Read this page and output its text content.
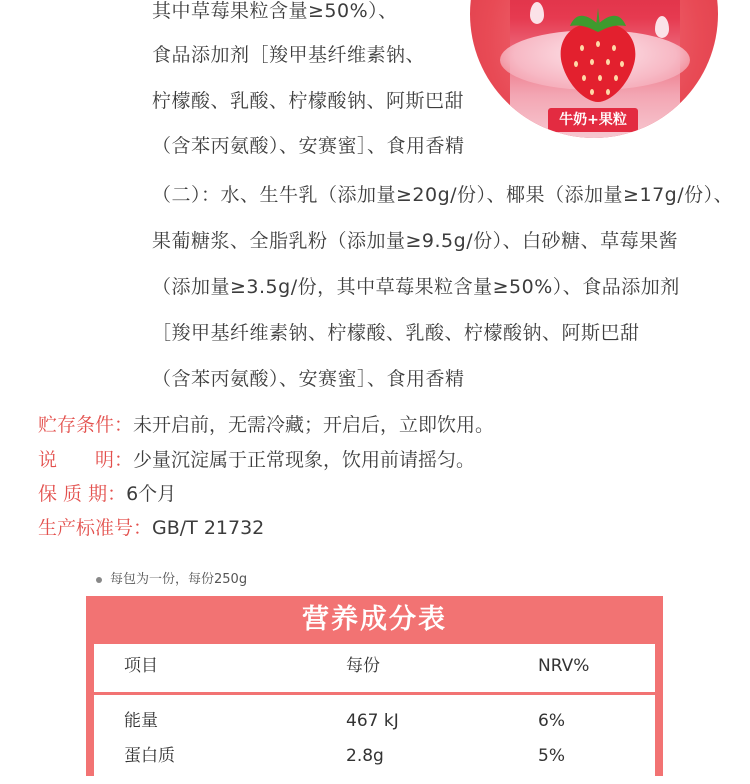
牛奶+果粒
其中草莓果粒含量≥50%）、
食品添加剂［羧甲基纤维素钠、
柠檬酸、乳酸、柠檬酸钠、阿斯巴甜
（含苯丙氨酸）、安赛蜜］、食用香精
（二）：水、生牛乳（添加量≥20g/份）、椰果（添加量≥17g/份）、
果葡糖浆、全脂乳粉（添加量≥9.5g/份）、白砂糖、草莓果酱
（添加量≥3.5g/份，其中草莓果粒含量≥50%）、食品添加剂
［羧甲基纤维素钠、柠檬酸、乳酸、柠檬酸钠、阿斯巴甜
（含苯丙氨酸）、安赛蜜］、食用香精
贮存条件：未开启前，无需冷藏；开启后，立即饮用。
说　　明：少量沉淀属于正常现象，饮用前请摇匀。
保 质 期：6个月
生产标准号：GB/T 21732
每包为一份，每份250g
营养成分表
项目	每份	NRV%
能量	467 kJ	6%
蛋白质	2.8g	5%
